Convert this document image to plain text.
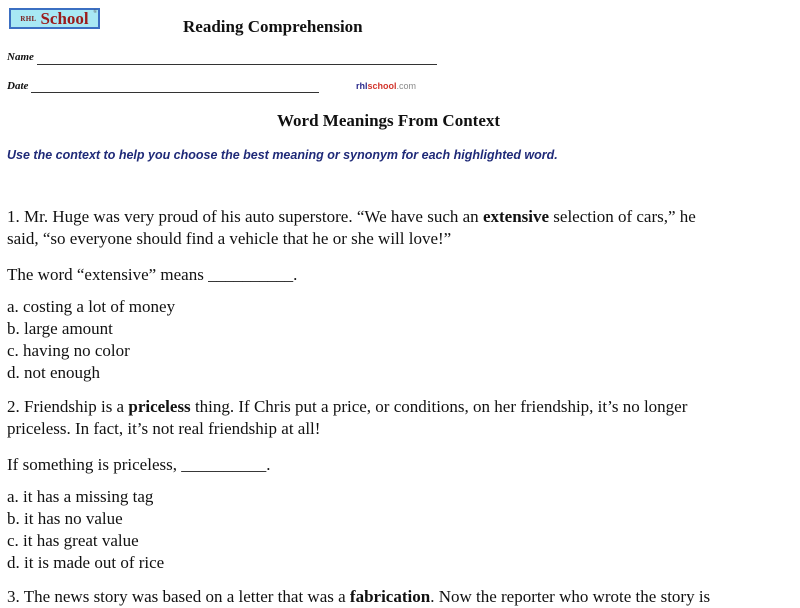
RHL School ®
Reading Comprehension
Name
Date	rhlschool.com
Word Meanings From Context
Use the context to help you choose the best meaning or synonym for each highlighted word.
1. Mr. Huge was very proud of his auto superstore. “We have such an extensive selection of cars,” he
said, “so everyone should find a vehicle that he or she will love!”
The word “extensive” means __________.
a. costing a lot of money
b. large amount
c. having no color
d. not enough
2. Friendship is a priceless thing. If Chris put a price, or conditions, on her friendship, it’s no longer
priceless. In fact, it’s not real friendship at all!
If something is priceless, __________.
a. it has a missing tag
b. it has no value
c. it has great value
d. it is made out of rice
3. The news story was based on a letter that was a fabrication. Now the reporter who wrote the story is
